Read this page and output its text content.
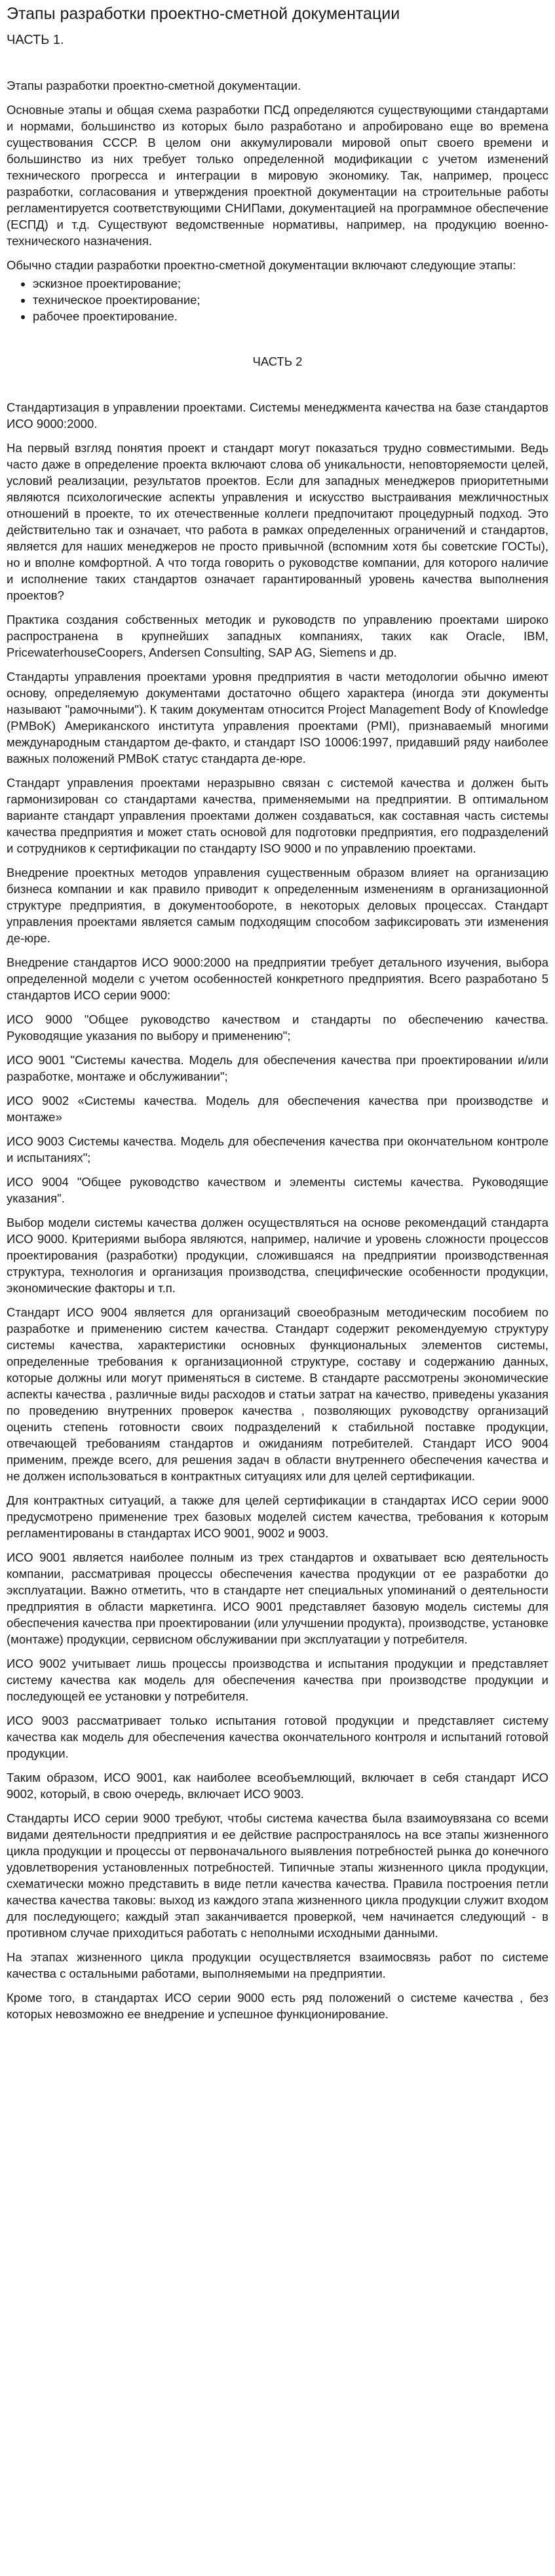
Этапы разработки проектно-сметной документации
ЧАСТЬ 1.
Этапы разработки проектно-сметной документации.
Основные этапы и общая схема разработки ПСД определяются существующими стандартами и нормами, большинство из которых было разработано и апробировано еще во времена существования СССР. В целом они аккумулировали мировой опыт своего времени и большинство из них требует только определенной модификации с учетом изменений технического прогресса и интеграции в мировую экономику. Так, например, процесс разработки, согласования и утверждения проектной документации на строительные работы регламентируется соответствующими СНИПами, документацией на программное обеспечение (ЕСПД) и т.д. Существуют ведомственные нормативы, например, на продукцию военно-технического назначения.
Обычно стадии разработки проектно-сметной документации включают следующие этапы:
• эскизное проектирование;
• техническое проектирование;
• рабочее проектирование.
ЧАСТЬ 2
Стандартизация в управлении проектами. Системы менеджмента качества на базе стандартов ИСО 9000:2000.
На первый взгляд понятия проект и стандарт могут показаться трудно совместимыми. Ведь часто даже в определение проекта включают слова об уникальности, неповторяемости целей, условий реализации, результатов проектов. Если для западных менеджеров приоритетными являются психологические аспекты управления и искусство выстраивания межличностных отношений в проекте, то их отечественные коллеги предпочитают процедурный подход. Это действительно так и означает, что работа в рамках определенных ограничений и стандартов, является для наших менеджеров не просто привычной (вспомним хотя бы советские ГОСТы), но и вполне комфортной. А что тогда говорить о руководстве компании, для которого наличие и исполнение таких стандартов означает гарантированный уровень качества выполнения проектов?
Практика создания собственных методик и руководств по управлению проектами широко распространена в крупнейших западных компаниях, таких как Oracle, IBM, PricewaterhouseCoopers, Andersen Consulting, SAP AG, Siemens и др.
Стандарты управления проектами уровня предприятия в части методологии обычно имеют основу, определяемую документами достаточно общего характера (иногда эти документы называют "рамочными"). К таким документам относится Project Management Body of Knowledge (PMBoK) Американского института управления проектами (PMI), признаваемый многими международным стандартом де-факто, и стандарт ISO 10006:1997, придавший ряду наиболее важных положений PMBoK статус стандарта де-юре.
Стандарт управления проектами неразрывно связан с системой качества и должен быть гармонизирован со стандартами качества, применяемыми на предприятии. В оптимальном варианте стандарт управления проектами должен создаваться, как составная часть системы качества предприятия и может стать основой для подготовки предприятия, его подразделений и сотрудников к сертификации по стандарту ISO 9000 и по управлению проектами.
Внедрение проектных методов управления существенным образом влияет на организацию бизнеса компании и как правило приводит к определенным изменениям в организационной структуре предприятия, в документообороте, в некоторых деловых процессах. Стандарт управления проектами является самым подходящим способом зафиксировать эти изменения де-юре.
Внедрение стандартов ИСО 9000:2000 на предприятии требует детального изучения, выбора определенной модели с учетом особенностей конкретного предприятия. Всего разработано 5 стандартов ИСО серии 9000:
ИСО 9000 "Общее руководство качеством и стандарты по обеспечению качества. Руководящие указания по выбору и применению";
ИСО 9001 "Системы качества. Модель для обеспечения качества при проектировании и/или разработке, монтаже и обслуживании";
ИСО 9002 «Системы качества. Модель для обеспечения качества при производстве и монтаже»
ИСО 9003 Системы качества. Модель для обеспечения качества при окончательном контроле и испытаниях";
ИСО 9004 "Общее руководство качеством и элементы системы качества. Руководящие указания".
Выбор модели системы качества должен осуществляться на основе рекомендаций стандарта ИСО 9000. Критериями выбора являются, например, наличие и уровень сложности процессов проектирования (разработки) продукции, сложившаяся на предприятии производственная структура, технология и организация производства, специфические особенности продукции, экономические факторы и т.п.
Стандарт ИСО 9004 является для организаций своеобразным методическим пособием по разработке и применению систем качества. Стандарт содержит рекомендуемую структуру системы качества, характеристики основных функциональных элементов системы, определенные требования к организационной структуре, составу и содержанию данных, которые должны или могут применяться в системе. В стандарте рассмотрены экономические аспекты качества , различные виды расходов и статьи затрат на качество, приведены указания по проведению внутренних проверок качества , позволяющих руководству организаций оценить степень готовности своих подразделений к стабильной поставке продукции, отвечающей требованиям стандартов и ожиданиям потребителей. Стандарт ИСО 9004 применим, прежде всего, для решения задач в области внутреннего обеспечения качества и не должен использоваться в контрактных ситуациях или для целей сертификации.
Для контрактных ситуаций, а также для целей сертификации в стандартах ИСО серии 9000 предусмотрено применение трех базовых моделей систем качества, требования к которым регламентированы в стандартах ИСО 9001, 9002 и 9003.
ИСО 9001 является наиболее полным из трех стандартов и охватывает всю деятельность компании, рассматривая процессы обеспечения качества продукции от ее разработки до эксплуатации. Важно отметить, что в стандарте нет специальных упоминаний о деятельности предприятия в области маркетинга. ИСО 9001 представляет базовую модель системы для обеспечения качества при проектировании (или улучшении продукта), производстве, установке (монтаже) продукции, сервисном обслуживании при эксплуатации у потребителя.
ИСО 9002 учитывает лишь процессы производства и испытания продукции и представляет систему качества как модель для обеспечения качества при производстве продукции и последующей ее установки у потребителя.
ИСО 9003 рассматривает только испытания готовой продукции и представляет систему качества как модель для обеспечения качества окончательного контроля и испытаний готовой продукции.
Таким образом, ИСО 9001, как наиболее всеобъемлющий, включает в себя стандарт ИСО 9002, который, в свою очередь, включает ИСО 9003.
Стандарты ИСО серии 9000 требуют, чтобы система качества была взаимоувязана со всеми видами деятельности предприятия и ее действие распространялось на все этапы жизненного цикла продукции и процессы от первоначального выявления потребностей рынка до конечного удовлетворения установленных потребностей. Типичные этапы жизненного цикла продукции, схематически можно представить в виде петли качества качества. Правила построения петли качества качества таковы: выход из каждого этапа жизненного цикла продукции служит входом для последующего; каждый этап заканчивается проверкой, чем начинается следующий - в противном случае приходиться работать с неполными исходными данными.
На этапах жизненного цикла продукции осуществляется взаимосвязь работ по системе качества с остальными работами, выполняемыми на предприятии.
Кроме того, в стандартах ИСО серии 9000 есть ряд положений о системе качества , без которых невозможно ее внедрение и успешное функционирование.
